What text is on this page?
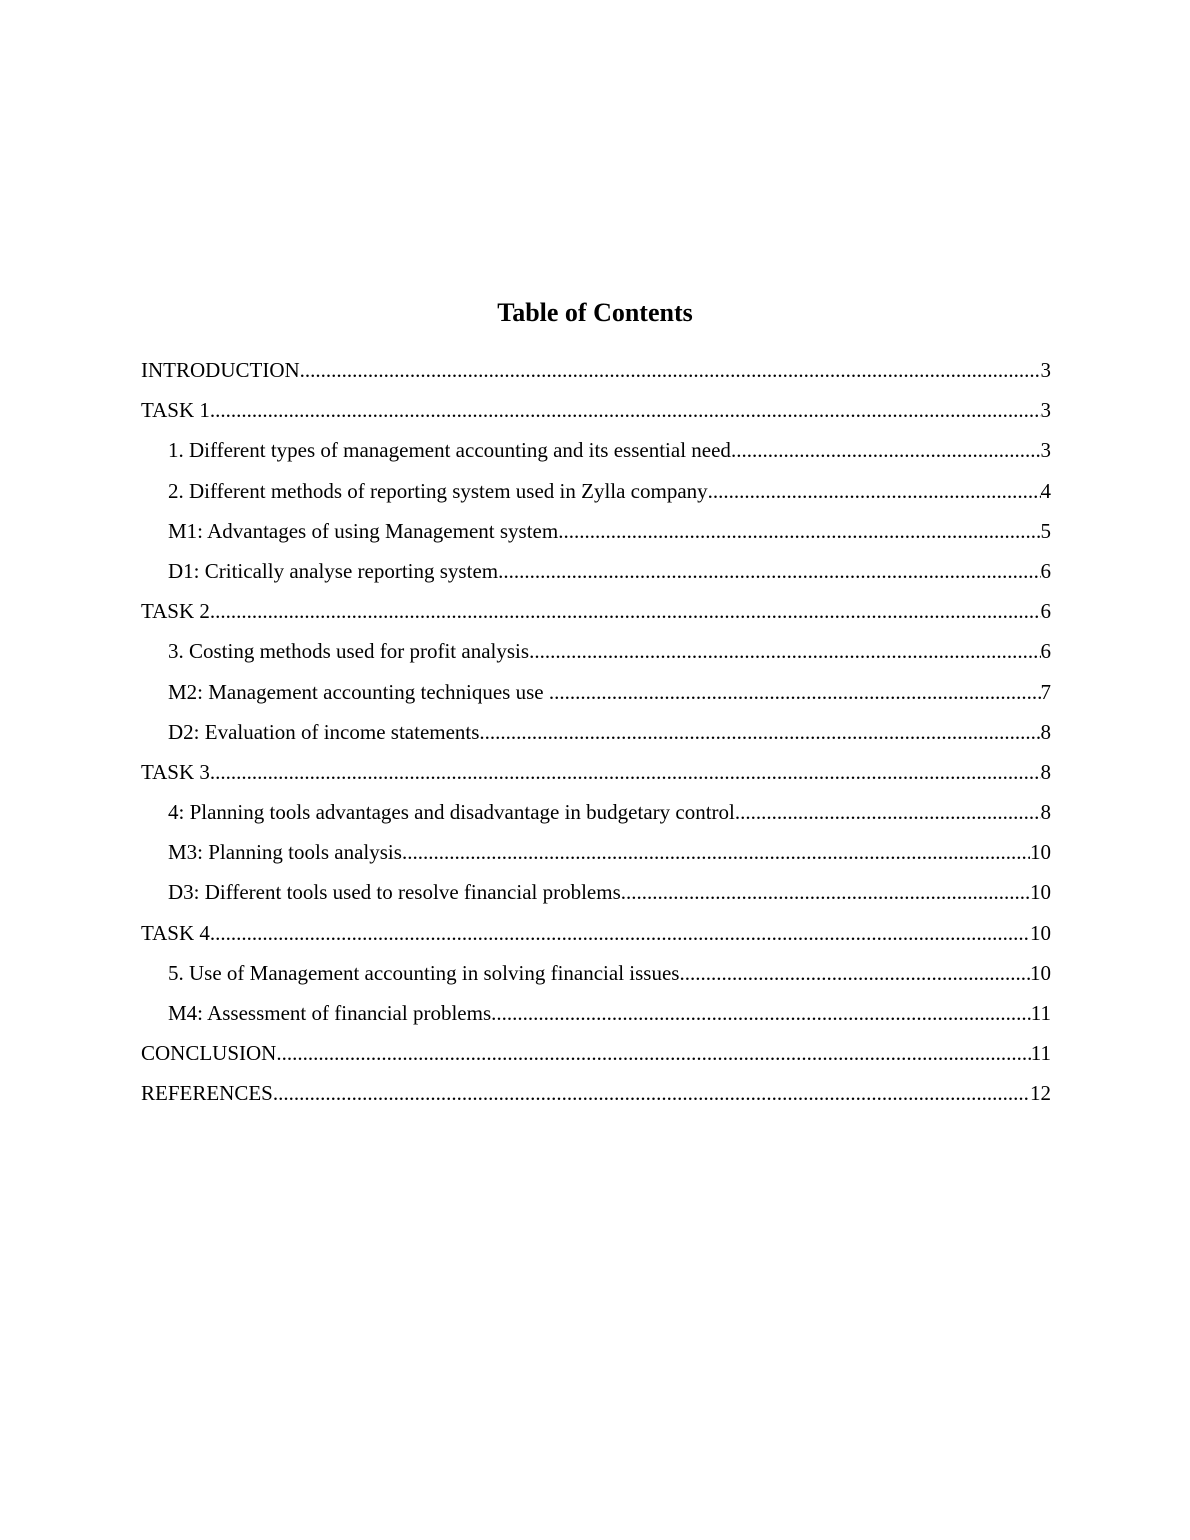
Table of Contents
INTRODUCTION .....	3
TASK 1 .....	3
1. Different types of management accounting and its essential need .....	3
2. Different methods of reporting system used in Zylla company .....	4
M1: Advantages of using Management system .....	5
D1: Critically analyse reporting system .....	6
TASK 2 .....	6
3. Costing methods used for profit analysis .....	6
M2: Management accounting techniques use .....	7
D2: Evaluation of income statements .....	8
TASK 3 .....	8
4: Planning tools advantages and disadvantage in budgetary control .....	8
M3: Planning tools analysis .....	10
D3: Different tools used to resolve financial problems .....	10
TASK 4 .....	10
5. Use of Management accounting in solving financial issues .....	10
M4: Assessment of financial problems .....	11
CONCLUSION .....	11
REFERENCES .....	12
